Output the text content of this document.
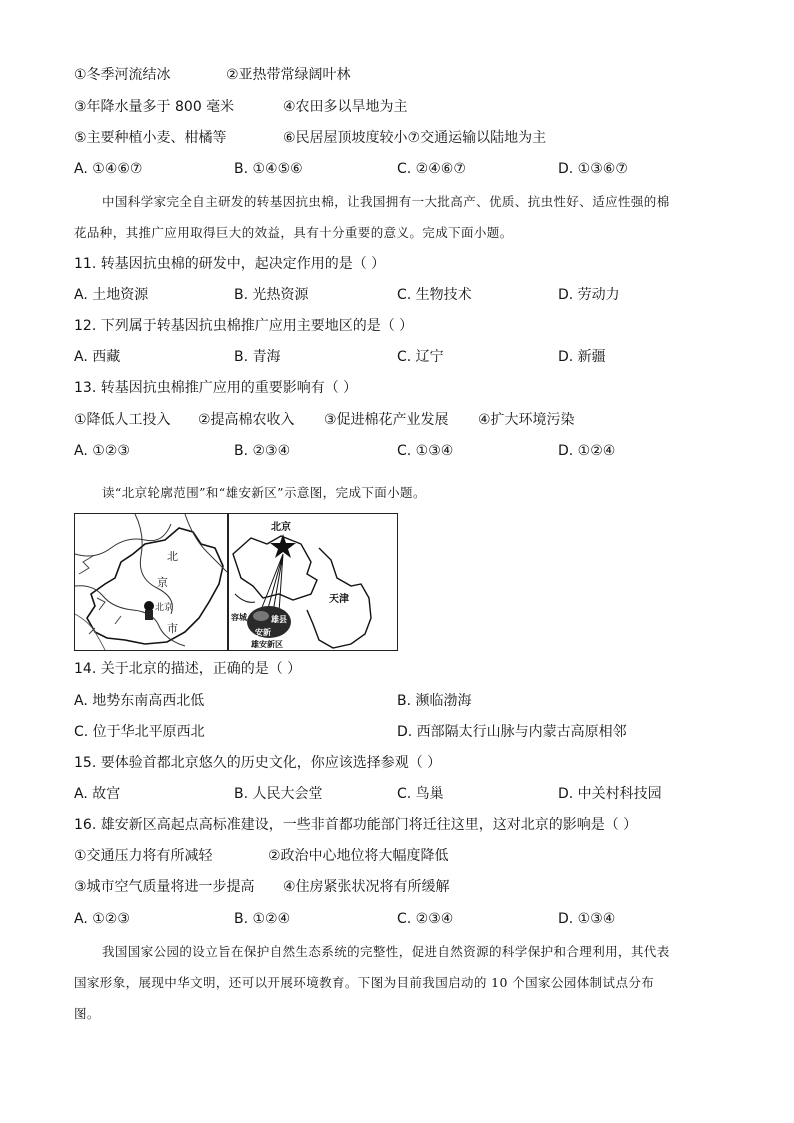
①冬季河流结冰	②亚热带常绿阔叶林
③年降水量多于 800 毫米	④农田多以旱地为主
⑤主要种植小麦、柑橘等	⑥民居屋顶坡度较小⑦交通运输以陆地为主
A. ①④⑥⑦	B. ①④⑤⑥	C. ②④⑥⑦	D. ①③⑥⑦
中国科学家完全自主研发的转基因抗虫棉，让我国拥有一大批高产、优质、抗虫性好、适应性强的棉
花品种，其推广应用取得巨大的效益，具有十分重要的意义。完成下面小题。
11. 转基因抗虫棉的研发中，起决定作用的是（ ）
A. 土地资源	B. 光热资源	C. 生物技术	D. 劳动力
12. 下列属于转基因抗虫棉推广应用主要地区的是（ ）
A. 西藏	B. 青海	C. 辽宁	D. 新疆
13. 转基因抗虫棉推广应用的重要影响有（ ）
①降低人工投入 ②提高棉农收入 ③促进棉花产业发展 ④扩大环境污染
A. ①②③	B. ②③④	C. ①③④	D. ①②④
读“北京轮廓范围”和“雄安新区”示意图，完成下面小题。
北
京
北京
市
北京
天津
容城	雄县
安新
雄安新区
14. 关于北京的描述，正确的是（ ）
A. 地势东南高西北低	B. 濒临渤海
C. 位于华北平原西北	D. 西部隔太行山脉与内蒙古高原相邻
15. 要体验首都北京悠久的历史文化，你应该选择参观（ ）
A. 故宫	B. 人民大会堂	C. 鸟巢	D. 中关村科技园
16. 雄安新区高起点高标准建设，一些非首都功能部门将迁往这里，这对北京的影响是（ ）
①交通压力将有所减轻	②政治中心地位将大幅度降低
③城市空气质量将进一步提高 ④住房紧张状况将有所缓解
A. ①②③	B. ①②④	C. ②③④	D. ①③④
我国国家公园的设立旨在保护自然生态系统的完整性，促进自然资源的科学保护和合理利用，其代表
国家形象，展现中华文明，还可以开展环境教育。下图为目前我国启动的 10 个国家公园体制试点分布
图。
